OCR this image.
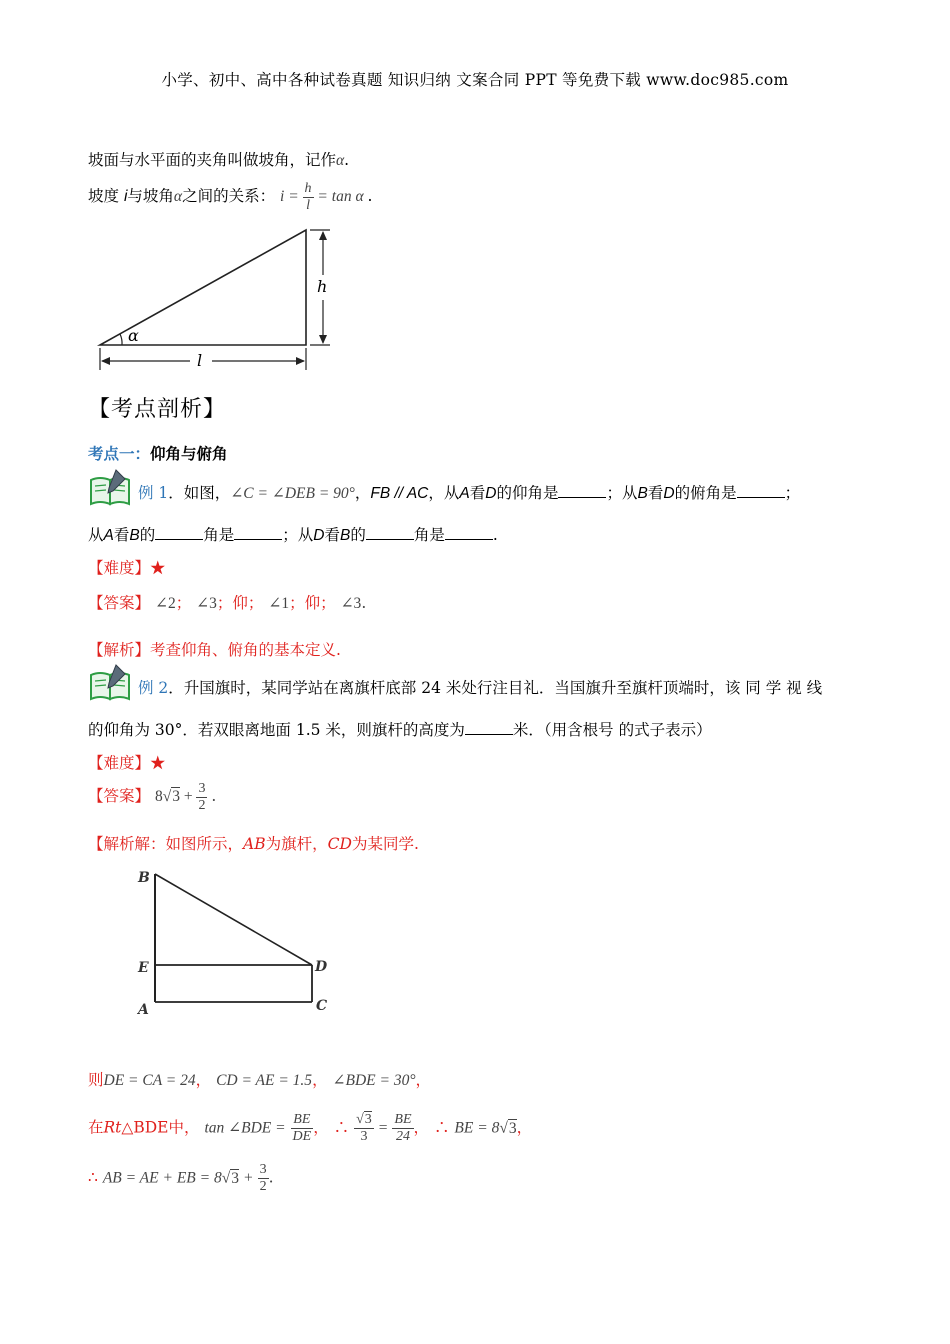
小学、初中、高中各种试卷真题 知识归纳 文案合同 PPT 等免费下载 www.doc985.com
坡面与水平面的夹角叫做坡角，记作α.
坡度 i与坡角α之间的关系： $i = \frac{h}{l} = \tan \alpha$ .
α
h
l
【考点剖析】
考点一：仰角与俯角
例 1．如图，∠C = ∠DEB = 90°，FB // AC，从A看D的仰角是	；从B看D的俯角是	；
从A看B的	角是	；从D看B的	角是	.
【难度】★
【答案】 ∠2； ∠3；仰； ∠1；仰； ∠3.
【解析】考查仰角、俯角的基本定义.
例 2．升国旗时，某同学站在离旗杆底部 24 米处行注目礼．当国旗升至旗杆顶端时，该 同 学 视 线
的仰角为 30°．若双眼离地面 1.5 米，则旗杆的高度为	米．（用含根号 的式子表示）
【难度】★
【答案】 $8√3 + \frac{3}{2}$ .
【解析解：如图所示，AB为旗杆，CD为某同学.
B
E
A
D
C
则DE = CA = 24， CD = AE = 1.5， ∠BDE = 30°，
在Rt△BDE中， tan ∠BDE = $\frac{BE}{DE}$ ， ∴ $\frac{√3}{3} = \frac{BE}{24}$ ， ∴ BE = 8√3，
∴ AB = AE + EB = $8√3 + \frac{3}{2}$ .
